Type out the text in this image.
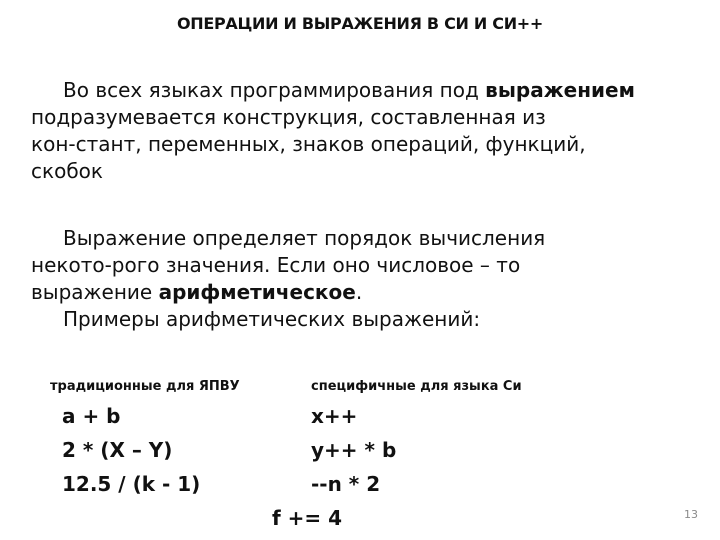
ОПЕРАЦИИ И ВЫРАЖЕНИЯ В СИ И СИ++
Во всех языках программирования под выражением
подразумевается конструкция, составленная из
кон-стант, переменных, знаков операций, функций,
скобок
Выражение определяет порядок вычисления
некото-рого значения. Если оно числовое – то
выражение арифметическое.
Примеры арифметических выражений:
традиционные для ЯПВУ	специфичные для языка Си
a + b
2 * (X – Y)
12.5 / (k - 1)
x++
y++ * b
--n * 2
f += 4	13
